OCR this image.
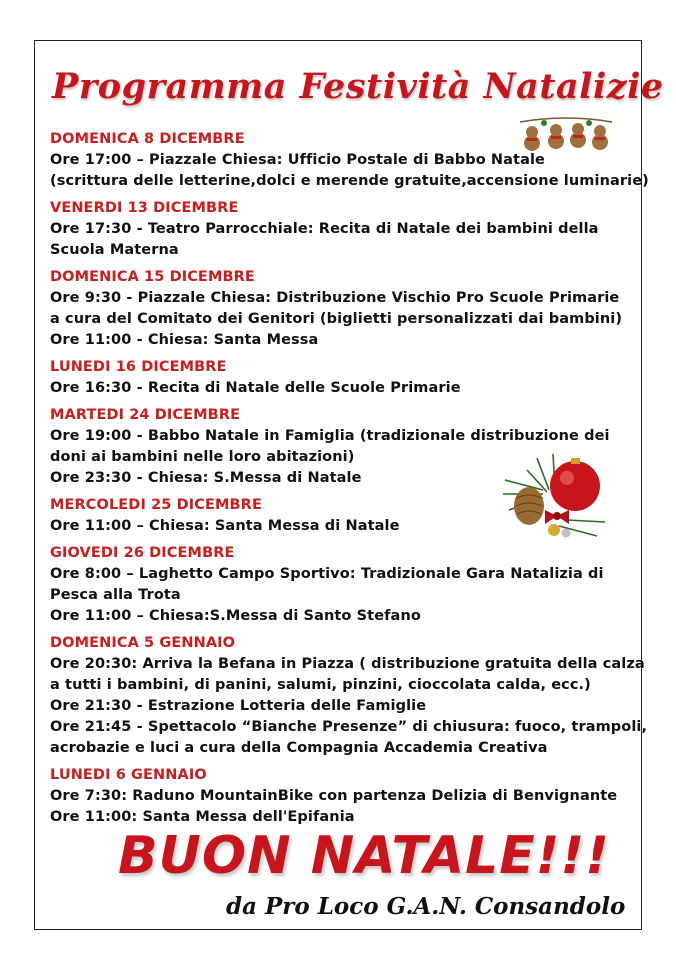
Programma Festività Natalizie

DOMENICA 8 DICEMBRE

Ore 17:00 – Piazzale Chiesa: Ufficio Postale di Babbo Natale

(scrittura delle letterine,dolci e merende gratuite,accensione luminarie)

VENERDI 13 DICEMBRE

Ore 17:30 - Teatro Parrocchiale: Recita di Natale dei bambini della

Scuola Materna

DOMENICA 15 DICEMBRE

Ore 9:30 - Piazzale Chiesa: Distribuzione Vischio Pro Scuole Primarie

a cura del Comitato dei Genitori (biglietti personalizzati dai bambini)

Ore 11:00 - Chiesa: Santa Messa

LUNEDI 16 DICEMBRE

Ore 16:30 - Recita di Natale delle Scuole Primarie

MARTEDI 24 DICEMBRE

Ore 19:00 - Babbo Natale in Famiglia (tradizionale distribuzione dei

doni ai bambini nelle loro abitazioni)

Ore 23:30 - Chiesa: S.Messa di Natale

MERCOLEDI 25 DICEMBRE

Ore 11:00 – Chiesa: Santa Messa di Natale

GIOVEDI 26 DICEMBRE

Ore 8:00 – Laghetto Campo Sportivo: Tradizionale Gara Natalizia di

Pesca alla Trota

Ore 11:00 – Chiesa:S.Messa di Santo Stefano

DOMENICA 5 GENNAIO

Ore 20:30: Arriva la Befana in Piazza ( distribuzione gratuita della calza

a tutti i bambini, di panini, salumi, pinzini, cioccolata calda, ecc.)

Ore 21:30 - Estrazione Lotteria delle Famiglie

Ore 21:45 - Spettacolo “Bianche Presenze” di chiusura: fuoco, trampoli,

acrobazie e luci a cura della Compagnia Accademia Creativa

LUNEDI 6 GENNAIO

Ore 7:30: Raduno MountainBike con partenza Delizia di Benvignante

Ore 11:00: Santa Messa dell'Epifania

BUON NATALE!!!

da Pro Loco G.A.N. Consandolo
